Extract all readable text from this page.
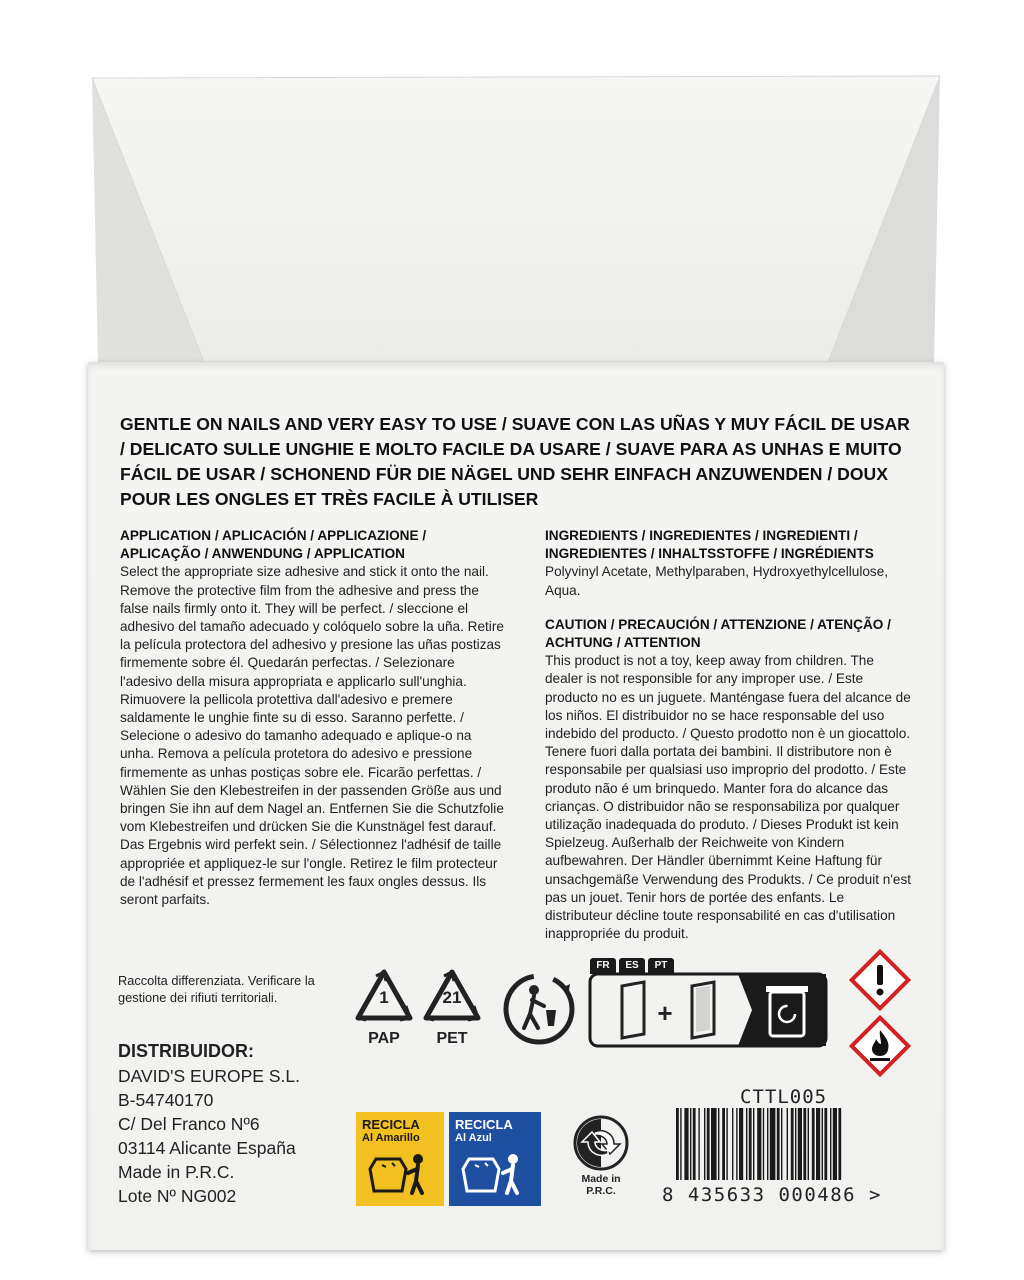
GENTLE ON NAILS AND VERY EASY TO USE / SUAVE CON LAS UÑAS Y MUY FÁCIL DE USAR / DELICATO SULLE UNGHIE E MOLTO FACILE DA USARE / SUAVE PARA AS UNHAS E MUITO FÁCIL DE USAR / SCHONEND FÜR DIE NÄGEL UND SEHR EINFACH ANZUWENDEN / DOUX POUR LES ONGLES ET TRÈS FACILE À UTILISER
APPLICATION / APLICACIÓN / APPLICAZIONE / APLICAÇÃO / ANWENDUNG / APPLICATION
Select the appropriate size adhesive and stick it onto the nail. Remove the protective film from the adhesive and press the false nails firmly onto it. They will be perfect. / sleccione el adhesivo del tamaño adecuado y colóquelo sobre la uña. Retire la película protectora del adhesivo y presione las uñas postizas firmemente sobre él. Quedarán perfectas. / Selezionare l'adesivo della misura appropriata e applicarlo sull'unghia. Rimuovere la pellicola protettiva dall'adesivo e premere saldamente le unghie finte su di esso. Saranno perfette. / Selecione o adesivo do tamanho adequado e aplique-o na unha. Remova a película protetora do adesivo e pressione firmemente as unhas postiças sobre ele. Ficarão perfettas. / Wählen Sie den Klebestreifen in der passenden Größe aus und bringen Sie ihn auf dem Nagel an. Entfernen Sie die Schutzfolie vom Klebestreifen und drücken Sie die Kunstnägel fest darauf. Das Ergebnis wird perfekt sein. / Sélectionnez l'adhésif de taille appropriée et appliquez-le sur l'ongle. Retirez le film protecteur de l'adhésif et pressez fermement les faux ongles dessus. Ils seront parfaits.
INGREDIENTS / INGREDIENTES / INGREDIENTI / INGREDIENTES / INHALTSSTOFFE / INGRÉDIENTS
Polyvinyl Acetate, Methylparaben, Hydroxyethylcellulose, Aqua.
CAUTION / PRECAUCIÓN / ATTENZIONE / ATENÇÃO / ACHTUNG / ATTENTION
This product is not a toy, keep away from children. The dealer is not responsible for any improper use. / Este producto no es un juguete. Manténgase fuera del alcance de los niños. El distribuidor no se hace responsable del uso indebido del producto. / Questo prodotto non è un giocattolo. Tenere fuori dalla portata dei bambini. Il distributore non è responsabile per qualsiasi uso improprio del prodotto. / Este produto não é um brinquedo. Manter fora do alcance das crianças. O distribuidor não se responsabiliza por qualquer utilização inadequada do produto. / Dieses Produkt ist kein Spielzeug. Außerhalb der Reichweite von Kindern aufbewahren. Der Händler übernimmt Keine Haftung für unsachgemäße Verwendung des Produkts. / Ce produit n'est pas un jouet. Tenir hors de portée des enfants. Le distributeur décline toute responsabilité en cas d'utilisation inappropriée du produit.
Raccolta differenziata. Verificare la gestione dei rifiuti territoriali.
DISTRIBUIDOR:
DAVID'S EUROPE S.L.
B-54740170
C/ Del Franco Nº6
03114 Alicante España
Made in P.R.C.
Lote Nº NG002
1
PAP
21
PET
FR	ES	PT
+
RECICLA
Al Amarillo
RECICLA
Al Azul
Made in P.R.C.
CTTL005
8 435633 000486 >
